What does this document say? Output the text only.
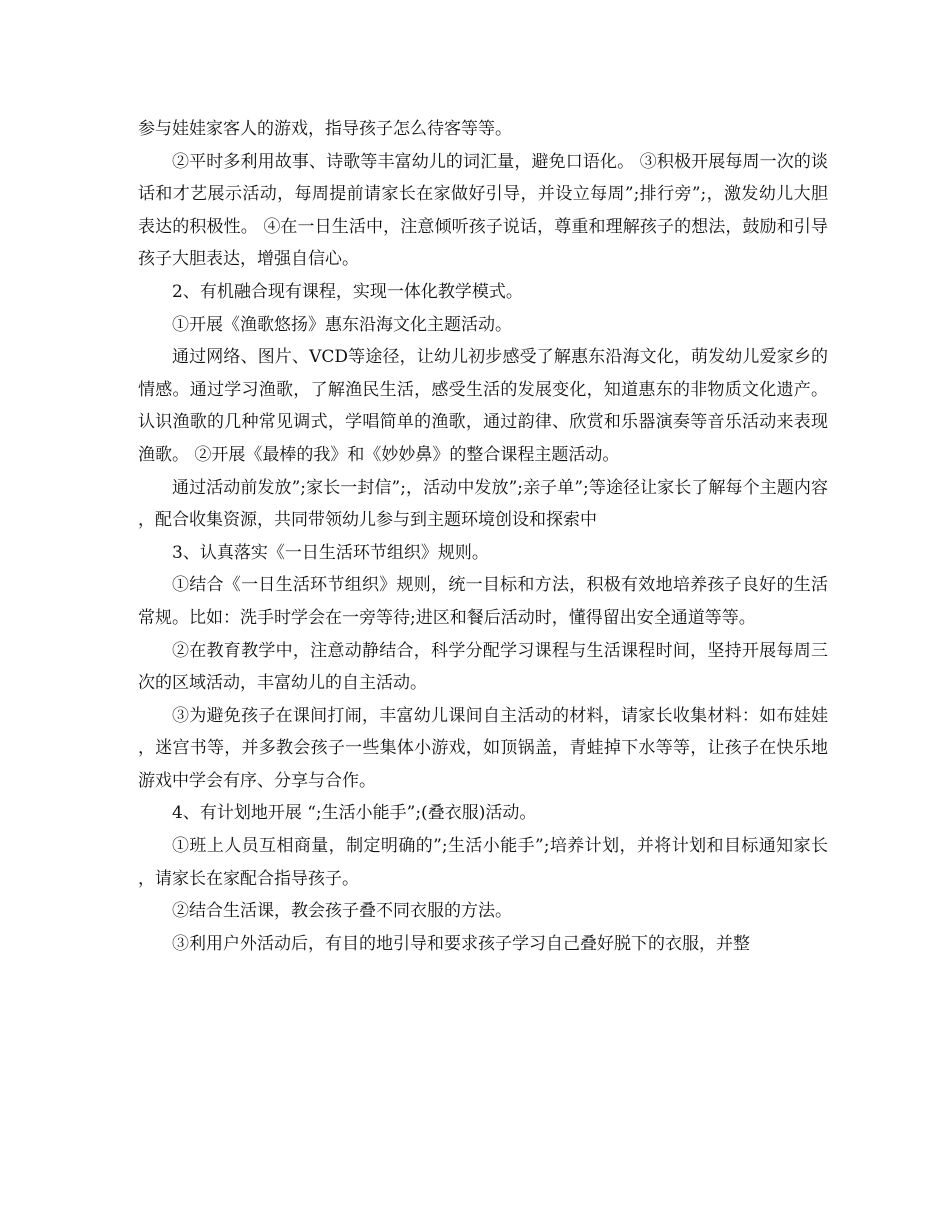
参与娃娃家客人的游戏，指导孩子怎么待客等等。

②平时多利用故事、诗歌等丰富幼儿的词汇量，避免口语化。 ③积极开展每周一次的谈话和才艺展示活动，每周提前请家长在家做好引导，并设立每周”;排行旁”;，激发幼儿大胆表达的积极性。 ④在一日生活中，注意倾听孩子说话，尊重和理解孩子的想法，鼓励和引导孩子大胆表达，增强自信心。

2、有机融合现有课程，实现一体化教学模式。

①开展《渔歌悠扬》惠东沿海文化主题活动。

通过网络、图片、VCD等途径，让幼儿初步感受了解惠东沿海文化，萌发幼儿爱家乡的情感。通过学习渔歌，了解渔民生活，感受生活的发展变化，知道惠东的非物质文化遗产。认识渔歌的几种常见调式，学唱简单的渔歌，通过韵律、欣赏和乐器演奏等音乐活动来表现渔歌。 ②开展《最棒的我》和《妙妙鼻》的整合课程主题活动。

通过活动前发放”;家长一封信”;，活动中发放”;亲子单”;等途径让家长了解每个主题内容，配合收集资源，共同带领幼儿参与到主题环境创设和探索中

3、认真落实《一日生活环节组织》规则。

①结合《一日生活环节组织》规则，统一目标和方法，积极有效地培养孩子良好的生活常规。比如：洗手时学会在一旁等待;进区和餐后活动时，懂得留出安全通道等等。

②在教育教学中，注意动静结合，科学分配学习课程与生活课程时间，坚持开展每周三次的区域活动，丰富幼儿的自主活动。

③为避免孩子在课间打闹，丰富幼儿课间自主活动的材料，请家长收集材料：如布娃娃，迷宫书等，并多教会孩子一些集体小游戏，如顶锅盖，青蛙掉下水等等，让孩子在快乐地游戏中学会有序、分享与合作。

4、有计划地开展 “;生活小能手”;(叠衣服)活动。

①班上人员互相商量，制定明确的”;生活小能手”;培养计划，并将计划和目标通知家长，请家长在家配合指导孩子。

②结合生活课，教会孩子叠不同衣服的方法。

③利用户外活动后，有目的地引导和要求孩子学习自己叠好脱下的衣服，并整
